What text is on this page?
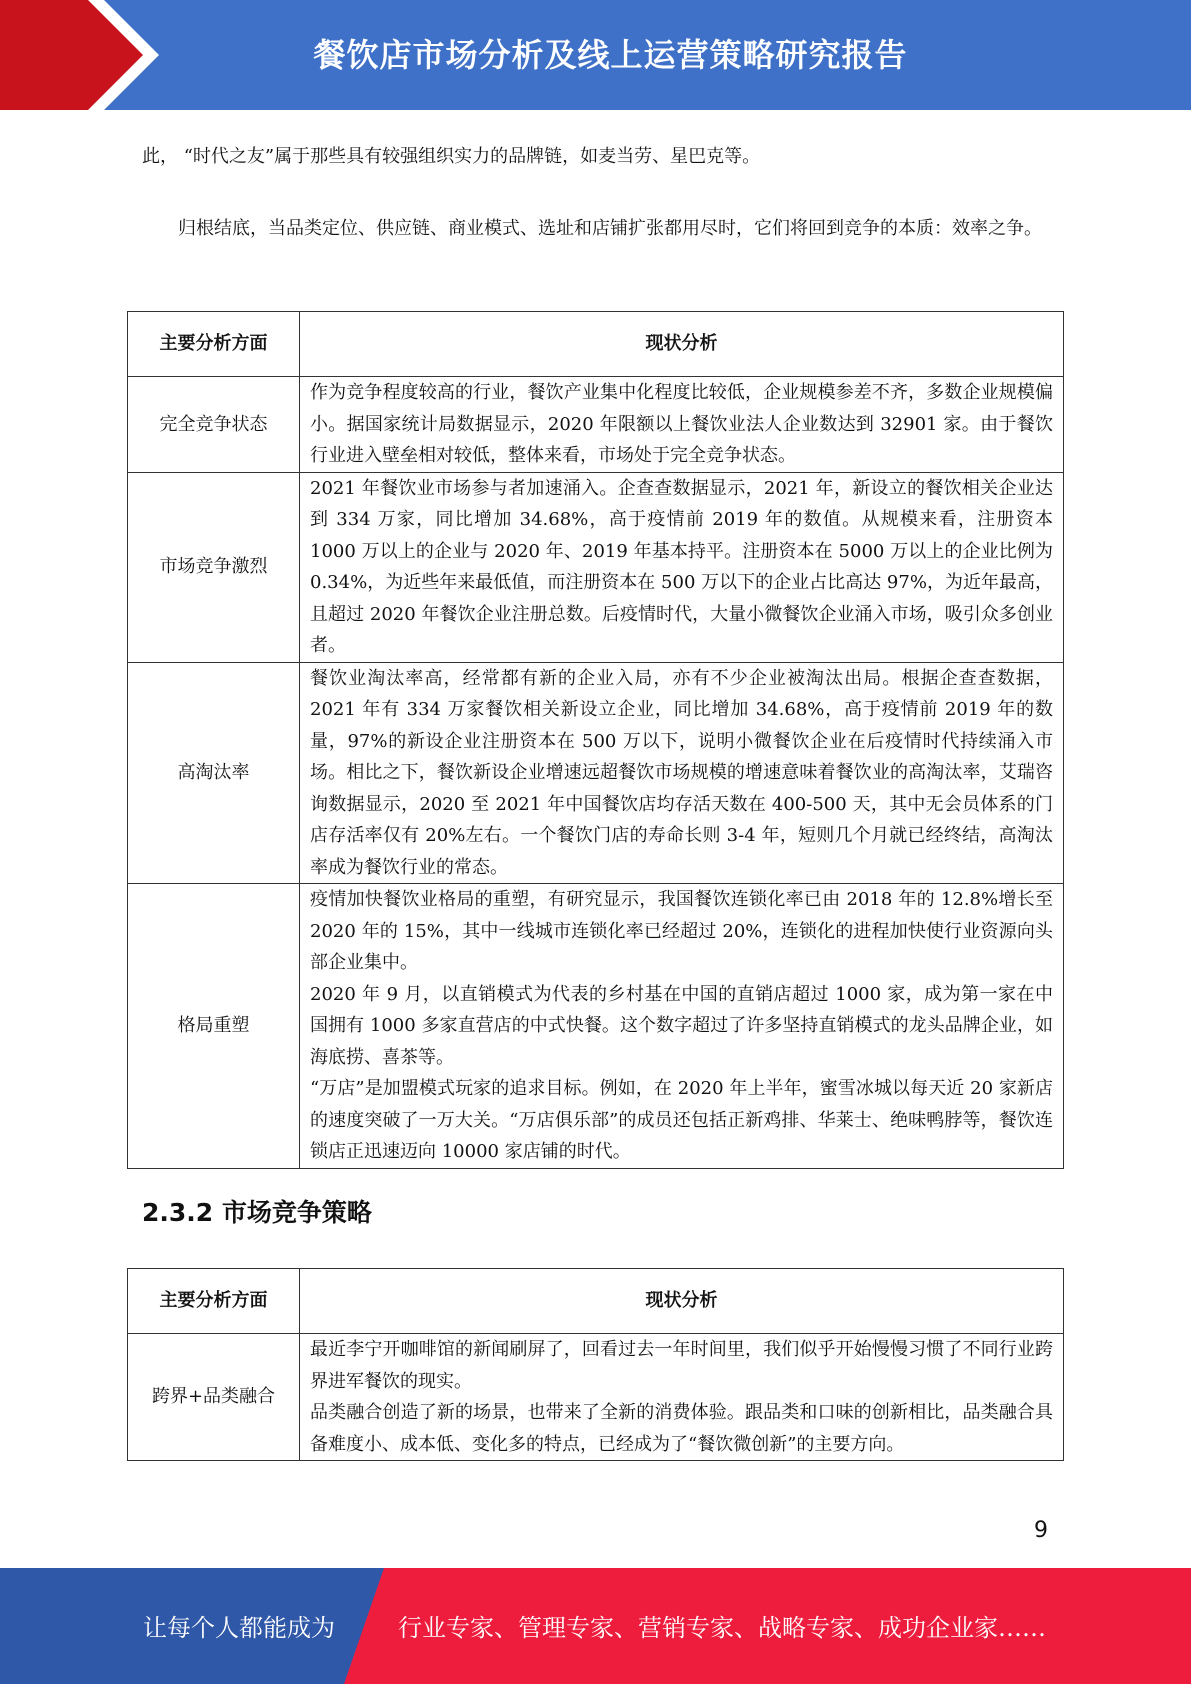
餐饮店市场分析及线上运营策略研究报告

此， “时代之友”属于那些具有较强组织实力的品牌链，如麦当劳、星巴克等。

归根结底，当品类定位、供应链、商业模式、选址和店铺扩张都用尽时，它们将回到竞争的本质：效率之争。

主要分析方面	现状分析
完全竞争状态	作为竞争程度较高的行业，餐饮产业集中化程度比较低，企业规模参差不齐，多数企业规模偏小。据国家统计局数据显示，2020 年限额以上餐饮业法人企业数达到 32901 家。由于餐饮行业进入壁垒相对较低，整体来看，市场处于完全竞争状态。
市场竞争激烈	2021 年餐饮业市场参与者加速涌入。企查查数据显示，2021 年，新设立的餐饮相关企业达到 334 万家，同比增加 34.68%，高于疫情前 2019 年的数值。从规模来看，注册资本 1000 万以上的企业与 2020 年、2019 年基本持平。注册资本在 5000 万以上的企业比例为 0.34%，为近些年来最低值，而注册资本在 500 万以下的企业占比高达 97%，为近年最高，且超过 2020 年餐饮企业注册总数。后疫情时代，大量小微餐饮企业涌入市场，吸引众多创业者。
高淘汰率	餐饮业淘汰率高，经常都有新的企业入局，亦有不少企业被淘汰出局。根据企查查数据，2021 年有 334 万家餐饮相关新设立企业，同比增加 34.68%，高于疫情前 2019 年的数量，97%的新设企业注册资本在 500 万以下，说明小微餐饮企业在后疫情时代持续涌入市场。相比之下，餐饮新设企业增速远超餐饮市场规模的增速意味着餐饮业的高淘汰率，艾瑞咨询数据显示，2020 至 2021 年中国餐饮店均存活天数在 400-500 天，其中无会员体系的门店存活率仅有 20%左右。一个餐饮门店的寿命长则 3-4 年，短则几个月就已经终结，高淘汰率成为餐饮行业的常态。
格局重塑	疫情加快餐饮业格局的重塑，有研究显示，我国餐饮连锁化率已由 2018 年的 12.8%增长至 2020 年的 15%，其中一线城市连锁化率已经超过 20%，连锁化的进程加快使行业资源向头部企业集中。
2020 年 9 月，以直销模式为代表的乡村基在中国的直销店超过 1000 家，成为第一家在中国拥有 1000 多家直营店的中式快餐。这个数字超过了许多坚持直销模式的龙头品牌企业，如海底捞、喜茶等。
“万店”是加盟模式玩家的追求目标。例如，在 2020 年上半年，蜜雪冰城以每天近 20 家新店的速度突破了一万大关。“万店俱乐部”的成员还包括正新鸡排、华莱士、绝味鸭脖等，餐饮连锁店正迅速迈向 10000 家店铺的时代。
2.3.2 市场竞争策略
主要分析方面	现状分析
跨界+品类融合	最近李宁开咖啡馆的新闻刷屏了，回看过去一年时间里，我们似乎开始慢慢习惯了不同行业跨界进军餐饮的现实。
品类融合创造了新的场景，也带来了全新的消费体验。跟品类和口味的创新相比，品类融合具备难度小、成本低、变化多的特点，已经成为了“餐饮微创新”的主要方向。
9
让每个人都能成为	行业专家、管理专家、营销专家、战略专家、成功企业家……
